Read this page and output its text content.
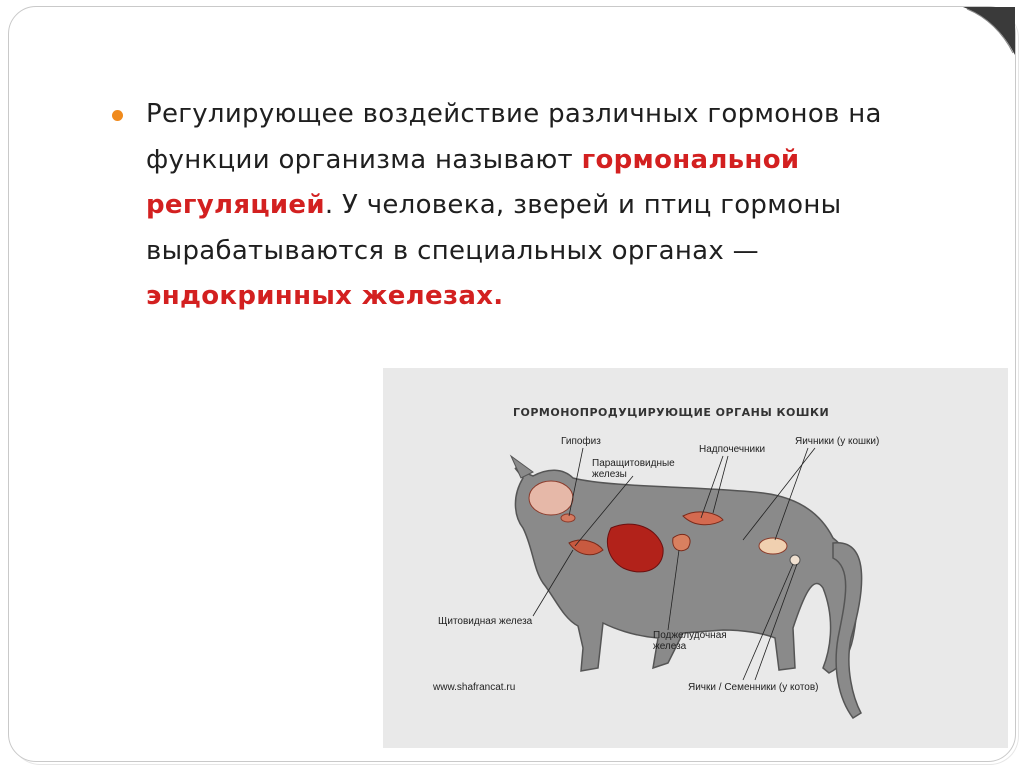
Регулирующее воздействие различных гормонов на функции организма называют гормональной регуляцией. У человека, зверей и птиц гормоны вырабатываются в специальных органах — эндокринных железах.
ГОРМОНОПРОДУЦИРУЮЩИЕ ОРГАНЫ КОШКИ
Гипофиз
Паращитовидные
железы
Надпочечники
Яичники (у кошки)
Щитовидная железа
Поджелудочная
железа
Яички / Семенники (у котов)
www.shafrancat.ru
